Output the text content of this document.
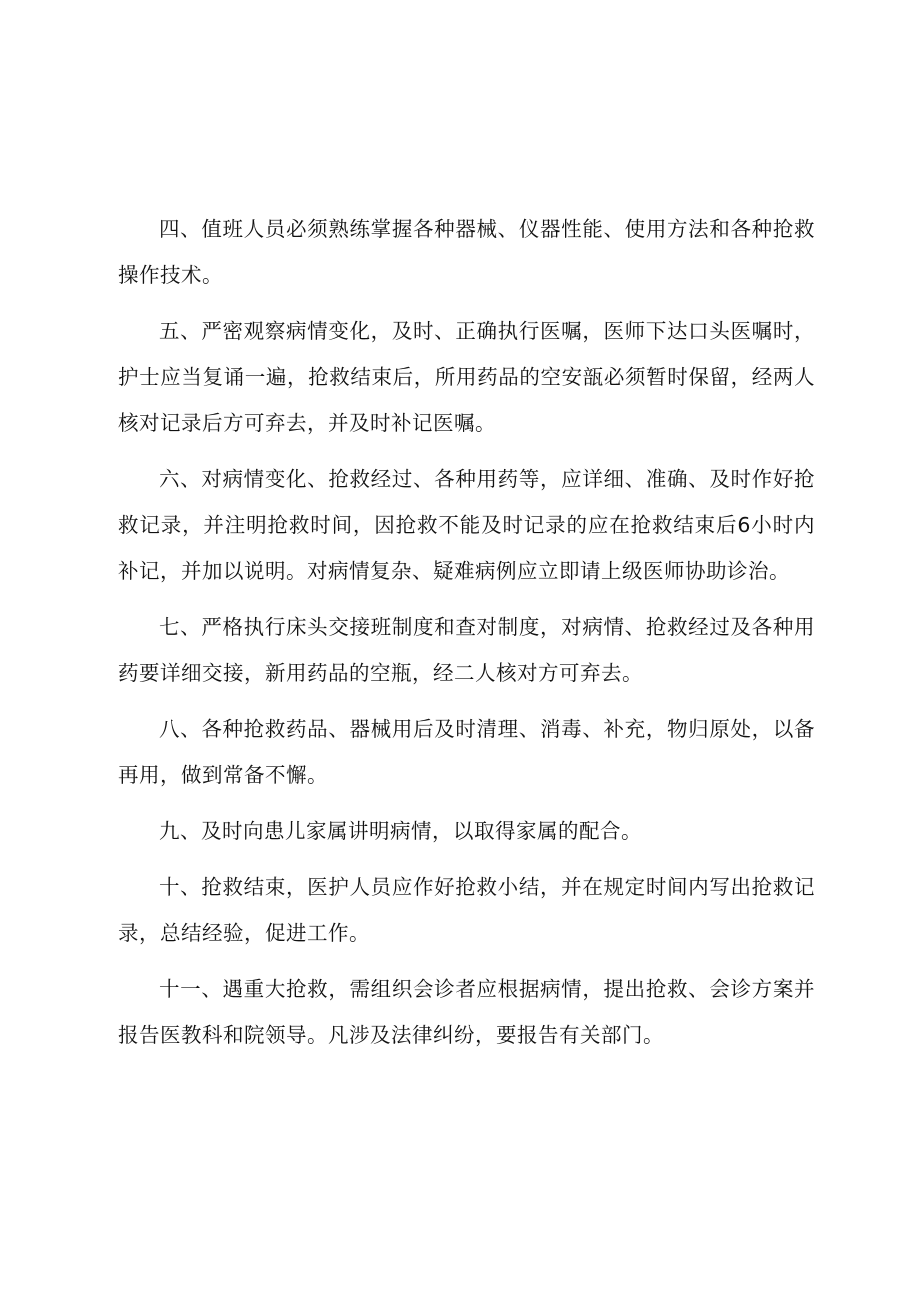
四、值班人员必须熟练掌握各种器械、仪器性能、使用方法和各种抢救操作技术。

五、严密观察病情变化，及时、正确执行医嘱，医师下达口头医嘱时，护士应当复诵一遍，抢救结束后，所用药品的空安瓿必须暂时保留，经两人核对记录后方可弃去，并及时补记医嘱。

六、对病情变化、抢救经过、各种用药等，应详细、准确、及时作好抢救记录，并注明抢救时间，因抢救不能及时记录的应在抢救结束后6小时内补记，并加以说明。对病情复杂、疑难病例应立即请上级医师协助诊治。

七、严格执行床头交接班制度和查对制度，对病情、抢救经过及各种用药要详细交接，新用药品的空瓶，经二人核对方可弃去。

八、各种抢救药品、器械用后及时清理、消毒、补充，物归原处，以备再用，做到常备不懈。

九、及时向患儿家属讲明病情，以取得家属的配合。

十、抢救结束，医护人员应作好抢救小结，并在规定时间内写出抢救记录，总结经验，促进工作。

十一、遇重大抢救，需组织会诊者应根据病情，提出抢救、会诊方案并报告医教科和院领导。凡涉及法律纠纷，要报告有关部门。
